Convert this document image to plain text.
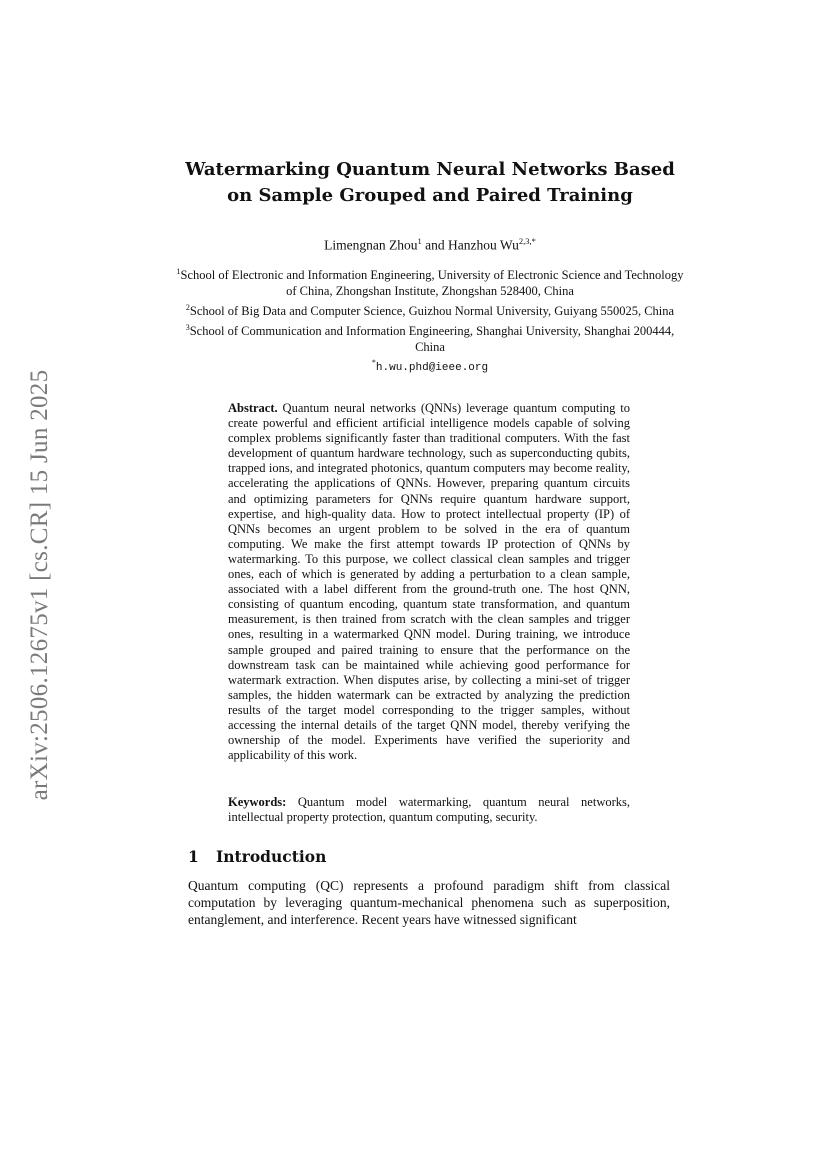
arXiv:2506.12675v1 [cs.CR] 15 Jun 2025
Watermarking Quantum Neural Networks Based
on Sample Grouped and Paired Training
Limengnan Zhou$^1$ and Hanzhou $Wu^{2,3,*}$
$^1$School of Electronic and Information Engineering, University of Electronic Science and Technology of China, Zhongshan Institute, Zhongshan 528400, China
$^2$School of Big Data and Computer Science, Guizhou Normal University, Guiyang 550025, China
$^3$School of Communication and Information Engineering, Shanghai University, Shanghai 200444, China
*h.wu.phd@ieee.org
Abstract. Quantum neural networks (QNNs) leverage quantum computing to create powerful and efficient artificial intelligence models capable of solving complex problems significantly faster than traditional computers. With the fast development of quantum hardware technology, such as superconducting qubits, trapped ions, and integrated photonics, quantum computers may become reality, accelerating the applications of QNNs. However, preparing quantum circuits and optimizing parameters for QNNs require quantum hardware support, expertise, and high-quality data. How to protect intellectual property (IP) of QNNs becomes an urgent problem to be solved in the era of quantum computing. We make the first attempt towards IP protection of QNNs by watermarking. To this purpose, we collect classical clean samples and trigger ones, each of which is generated by adding a perturbation to a clean sample, associated with a label different from the ground-truth one. The host QNN, consisting of quantum encoding, quantum state transformation, and quantum measurement, is then trained from scratch with the clean samples and trigger ones, resulting in a watermarked QNN model. During training, we introduce sample grouped and paired training to ensure that the performance on the downstream task can be maintained while achieving good performance for watermark extraction. When disputes arise, by collecting a mini-set of trigger samples, the hidden watermark can be extracted by analyzing the prediction results of the target model corresponding to the trigger samples, without accessing the internal details of the target QNN model, thereby verifying the ownership of the model. Experiments have verified the superiority and applicability of this work.
Keywords: Quantum model watermarking, quantum neural networks, intellectual property protection, quantum computing, security.
1 Introduction
Quantum computing (QC) represents a profound paradigm shift from classical computation by leveraging quantum-mechanical phenomena such as superposition, entanglement, and interference. Recent years have witnessed significant
